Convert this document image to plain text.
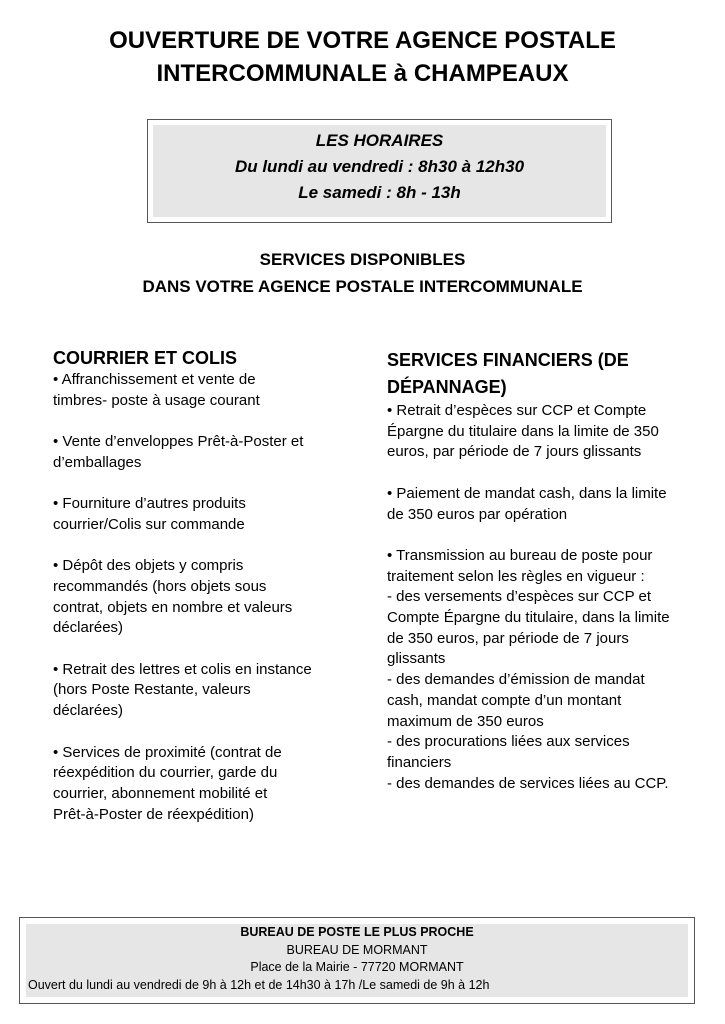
OUVERTURE DE VOTRE AGENCE POSTALE
INTERCOMMUNALE à CHAMPEAUX
LES HORAIRES
Du lundi au vendredi : 8h30 à 12h30
Le samedi : 8h - 13h
SERVICES DISPONIBLES
DANS VOTRE AGENCE POSTALE INTERCOMMUNALE
COURRIER ET COLIS
• Affranchissement et vente de
timbres- poste à usage courant
• Vente d’enveloppes Prêt-à-Poster et
d’emballages
• Fourniture d’autres produits
courrier/Colis sur commande
• Dépôt des objets y compris
recommandés (hors objets sous
contrat, objets en nombre et valeurs
déclarées)
• Retrait des lettres et colis en instance
(hors Poste Restante, valeurs
déclarées)
• Services de proximité (contrat de
réexpédition du courrier, garde du
courrier, abonnement mobilité et
Prêt-à-Poster de réexpédition)
SERVICES FINANCIERS (DE
DÉPANNAGE)
• Retrait d’espèces sur CCP et Compte
Épargne du titulaire dans la limite de 350
euros, par période de 7 jours glissants
• Paiement de mandat cash, dans la limite
de 350 euros par opération
• Transmission au bureau de poste pour
traitement selon les règles en vigueur :
- des versements d’espèces sur CCP et
Compte Épargne du titulaire, dans la limite
de 350 euros, par période de 7 jours
glissants
- des demandes d’émission de mandat
cash, mandat compte d’un montant
maximum de 350 euros
- des procurations liées aux services
financiers
- des demandes de services liées au CCP.
BUREAU DE POSTE LE PLUS PROCHE
BUREAU DE MORMANT
Place de la Mairie - 77720 MORMANT
Ouvert du lundi au vendredi de 9h à 12h et de 14h30 à 17h /Le samedi de 9h à 12h
